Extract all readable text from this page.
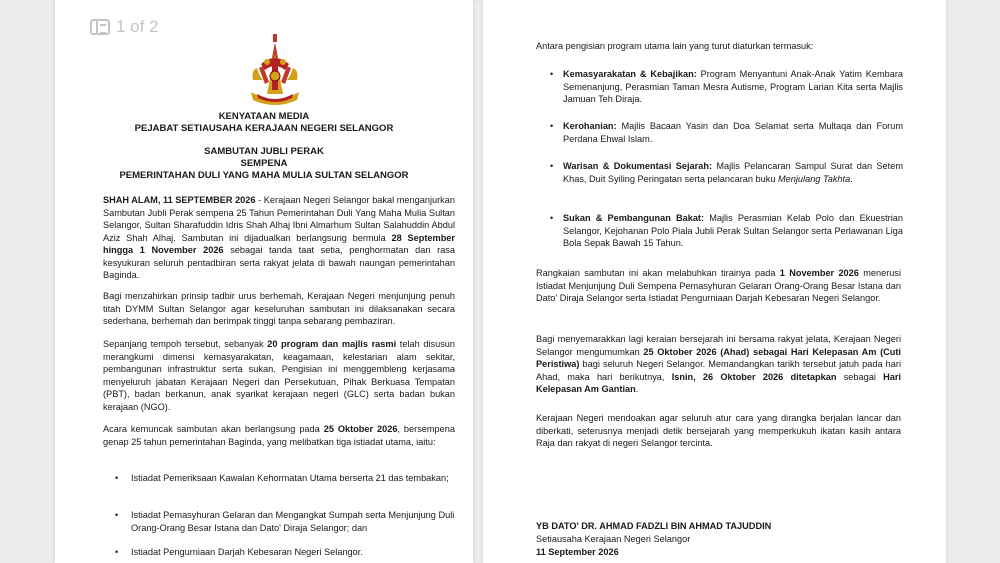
1 of 2
KENYATAAN MEDIA
PEJABAT SETIAUSAHA KERAJAAN NEGERI SELANGOR
SAMBUTAN JUBLI PERAK
SEMPENA
PEMERINTAHAN DULI YANG MAHA MULIA SULTAN SELANGOR
SHAH ALAM, 11 SEPTEMBER 2026 - Kerajaan Negeri Selangor bakal menganjurkan Sambutan Jubli Perak sempena 25 Tahun Pemerintahan Duli Yang Maha Mulia Sultan Selangor, Sultan Sharafuddin Idris Shah Alhaj Ibni Almarhum Sultan Salahuddin Abdul Aziz Shah Alhaj. Sambutan ini dijadualkan berlangsung bermula 28 September hingga 1 November 2026 sebagai tanda taat setia, penghormatan dan rasa kesyukuran seluruh pentadbiran serta rakyat jelata di bawah naungan pemerintahan Baginda.
Bagi menzahirkan prinsip tadbir urus berhemah, Kerajaan Negeri menjunjung penuh titah DYMM Sultan Selangor agar keseluruhan sambutan ini dilaksanakan secara sederhana, berhemah dan berimpak tinggi tanpa sebarang pembaziran.
Sepanjang tempoh tersebut, sebanyak 20 program dan majlis rasmi telah disusun merangkumi dimensi kemasyarakatan, keagamaan, kelestarian alam sekitar, pembangunan infrastruktur serta sukan. Pengisian ini menggembleng kerjasama menyeluruh jabatan Kerajaan Negeri dan Persekutuan, Pihak Berkuasa Tempatan (PBT), badan berkanun, anak syarikat kerajaan negeri (GLC) serta badan bukan kerajaan (NGO).
Acara kemuncak sambutan akan berlangsung pada 25 Oktober 2026, bersempena genap 25 tahun pemerintahan Baginda, yang melibatkan tiga istiadat utama, iaitu:
• Istiadat Pemeriksaan Kawalan Kehormatan Utama berserta 21 das tembakan;
• Istiadat Pemasyhuran Gelaran dan Mengangkat Sumpah serta Menjunjung Duli Orang-Orang Besar Istana dan Dato' Diraja Selangor; dan
• Istiadat Pengurniaan Darjah Kebesaran Negeri Selangor.
Antara pengisian program utama lain yang turut diaturkan termasuk:
• Kemasyarakatan & Kebajikan: Program Menyantuni Anak-Anak Yatim Kembara Semenanjung, Perasmian Taman Mesra Autisme, Program Larian Kita serta Majlis Jamuan Teh Diraja.
• Kerohanian: Majlis Bacaan Yasin dan Doa Selamat serta Multaqa dan Forum Perdana Ehwal Islam.
• Warisan & Dokumentasi Sejarah: Majlis Pelancaran Sampul Surat dan Setem Khas, Duit Syiling Peringatan serta pelancaran buku Menjulang Takhta.
• Sukan & Pembangunan Bakat: Majlis Perasmian Kelab Polo dan Ekuestrian Selangor, Kejohanan Polo Piala Jubli Perak Sultan Selangor serta Perlawanan Liga Bola Sepak Bawah 15 Tahun.
Rangkaian sambutan ini akan melabuhkan tirainya pada 1 November 2026 menerusi Istiadat Menjunjung Duli Sempena Pemasyhuran Gelaran Orang-Orang Besar Istana dan Dato' Diraja Selangor serta Istiadat Pengurniaan Darjah Kebesaran Negeri Selangor.
Bagi menyemarakkan lagi keraian bersejarah ini bersama rakyat jelata, Kerajaan Negeri Selangor mengumumkan 25 Oktober 2026 (Ahad) sebagai Hari Kelepasan Am (Cuti Peristiwa) bagi seluruh Negeri Selangor. Memandangkan tarikh tersebut jatuh pada hari Ahad, maka hari berikutnya, Isnin, 26 Oktober 2026 ditetapkan sebagai Hari Kelepasan Am Gantian.
Kerajaan Negeri mendoakan agar seluruh atur cara yang dirangka berjalan lancar dan diberkati, seterusnya menjadi detik bersejarah yang memperkukuh ikatan kasih antara Raja dan rakyat di negeri Selangor tercinta.
YB DATO' DR. AHMAD FADZLI BIN AHMAD TAJUDDIN
Setiausaha Kerajaan Negeri Selangor
11 September 2026
